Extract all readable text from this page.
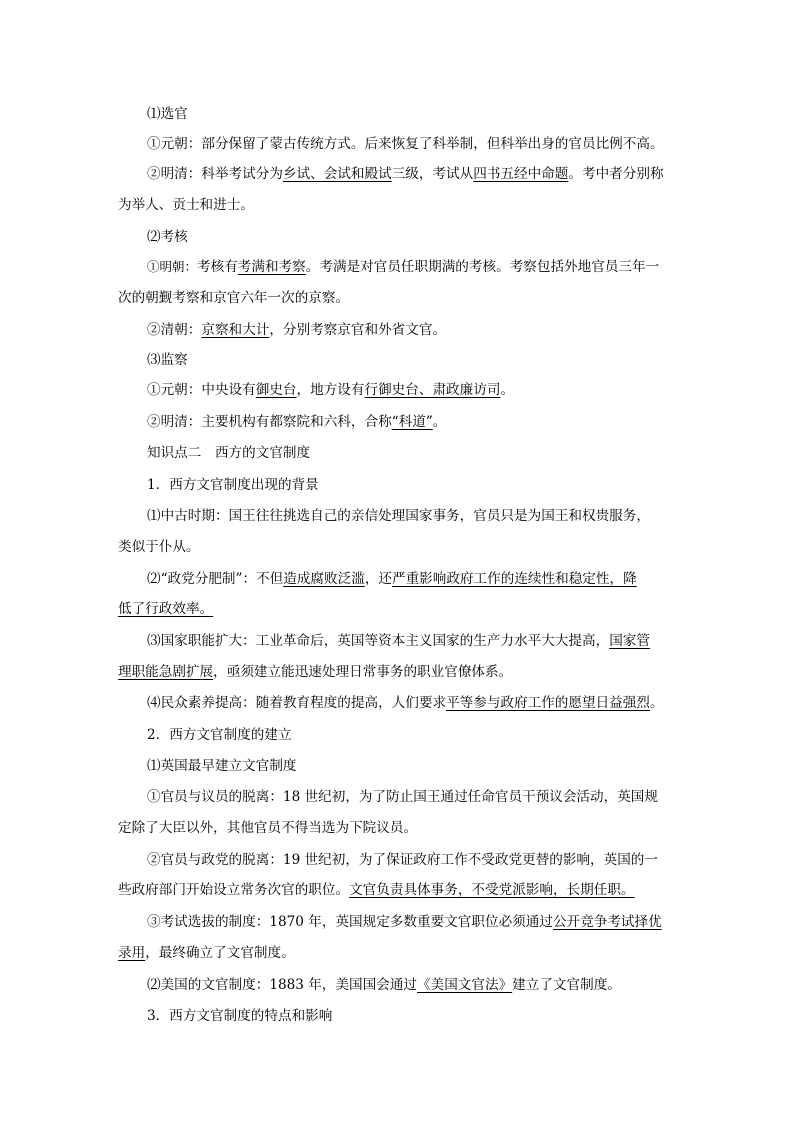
⑴选官
①元朝：部分保留了蒙古传统方式。后来恢复了科举制，但科举出身的官员比例不高。
②明清：科举考试分为乡试、会试和殿试三级，考试从四书五经中命题。考中者分别称
为举人、贡士和进士。
⑵考核
①明朝：考核有考满和考察。考满是对官员任职期满的考核。考察包括外地官员三年一
次的朝觐考察和京官六年一次的京察。
②清朝：京察和大计，分别考察京官和外省文官。
⑶监察
①元朝：中央设有御史台，地方设有行御史台、肃政廉访司。
②明清：主要机构有都察院和六科，合称“科道”。
知识点二　西方的文官制度
1．西方文官制度出现的背景
⑴中古时期：国王往往挑选自己的亲信处理国家事务，官员只是为国王和权贵服务，
类似于仆从。
⑵“政党分肥制”：不但造成腐败泛滥，还严重影响政府工作的连续性和稳定性，降
低了行政效率。
⑶国家职能扩大：工业革命后，英国等资本主义国家的生产力水平大大提高，国家管
理职能急剧扩展，亟须建立能迅速处理日常事务的职业官僚体系。
⑷民众素养提高：随着教育程度的提高，人们要求平等参与政府工作的愿望日益强烈。
2．西方文官制度的建立
⑴英国最早建立文官制度
①官员与议员的脱离：18 世纪初，为了防止国王通过任命官员干预议会活动，英国规
定除了大臣以外，其他官员不得当选为下院议员。
②官员与政党的脱离：19 世纪初，为了保证政府工作不受政党更替的影响，英国的一
些政府部门开始设立常务次官的职位。文官负责具体事务，不受党派影响，长期任职。
③考试选拔的制度：1870 年，英国规定多数重要文官职位必须通过公开竞争考试择优
录用，最终确立了文官制度。
⑵美国的文官制度：1883 年，美国国会通过《美国文官法》建立了文官制度。
3．西方文官制度的特点和影响
